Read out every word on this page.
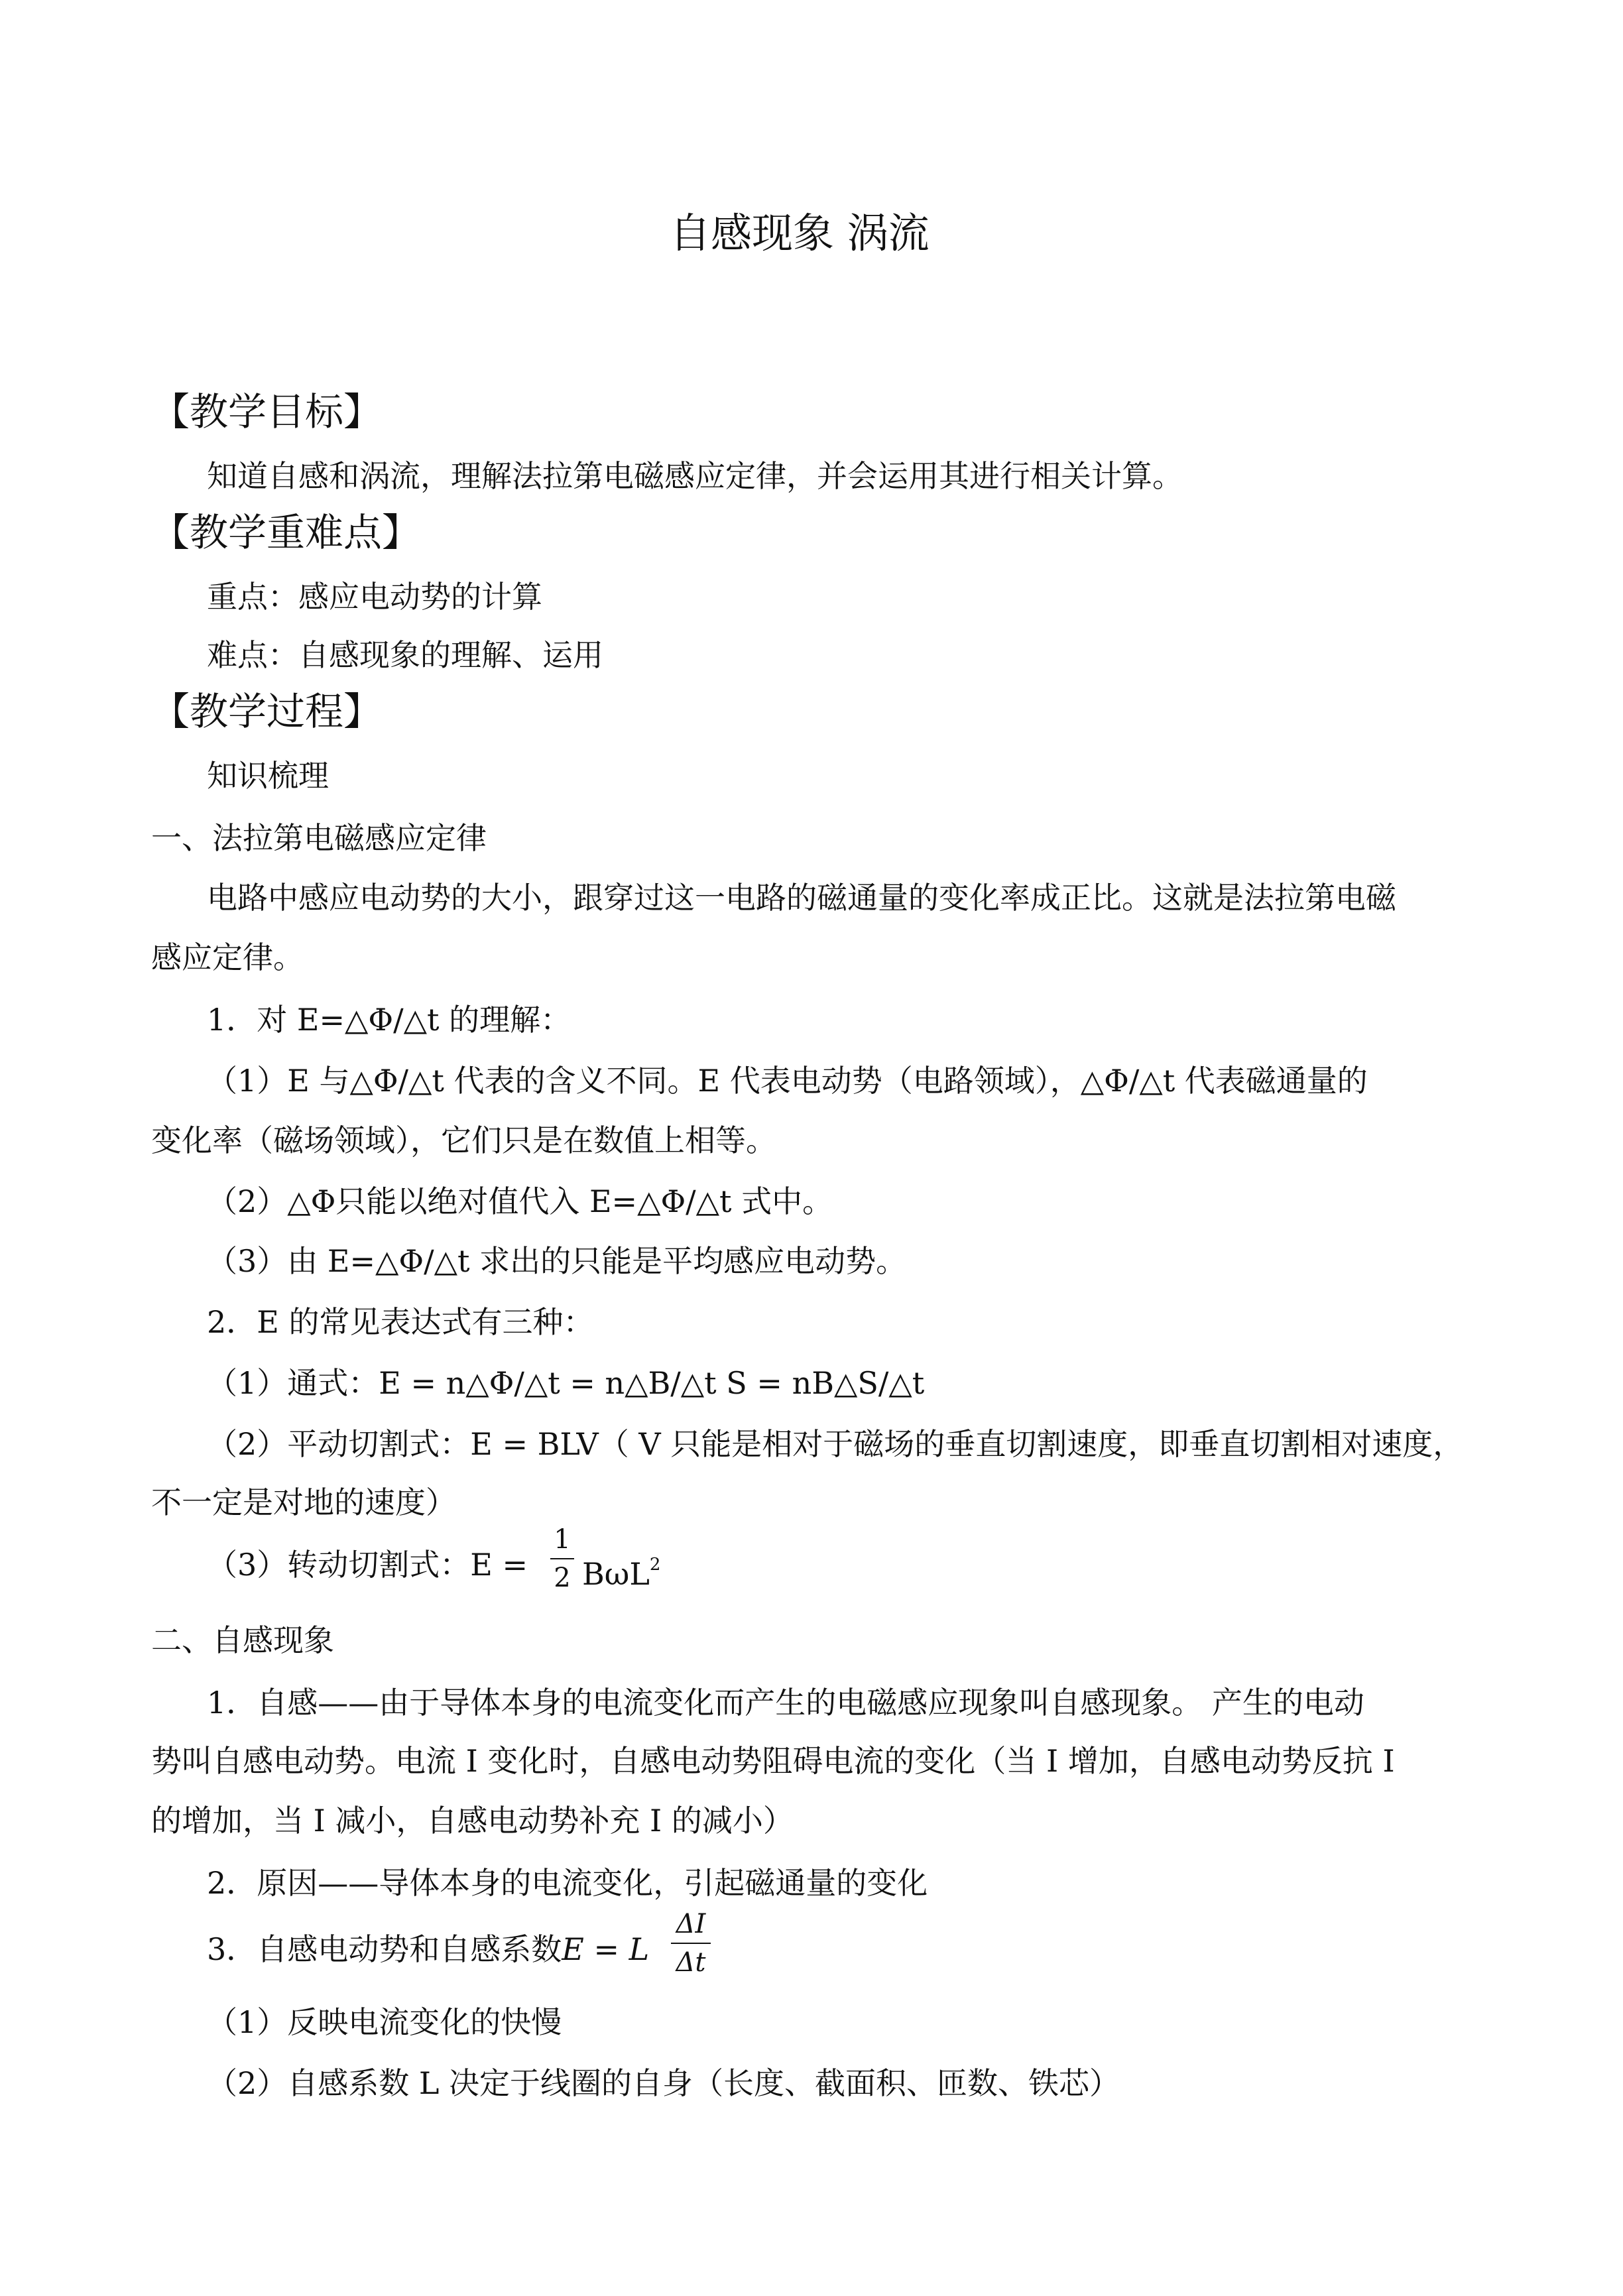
自感现象 涡流
【教学目标】
知道自感和涡流，理解法拉第电磁感应定律，并会运用其进行相关计算。
【教学重难点】
重点：感应电动势的计算
难点：自感现象的理解、运用
【教学过程】
知识梳理
一、法拉第电磁感应定律
电路中感应电动势的大小，跟穿过这一电路的磁通量的变化率成正比。这就是法拉第电磁
感应定律。
1．对 E=△Φ/△t 的理解：
（1）E 与△Φ/△t 代表的含义不同。E 代表电动势（电路领域），△Φ/△t 代表磁通量的
变化率（磁场领域），它们只是在数值上相等。
（2）△Φ只能以绝对值代入 E=△Φ/△t 式中。
（3）由 E=△Φ/△t 求出的只能是平均感应电动势。
2．E 的常见表达式有三种：
（1）通式：E = n△Φ/△t = n△B/△t S = nB△S/△t
（2）平动切割式：E = BLV（ V 只能是相对于磁场的垂直切割速度，即垂直切割相对速度，
不一定是对地的速度）
（3）转动切割式：E =
1
2 BωL$^2$
二、自感现象
1．自感——由于导体本身的电流变化而产生的电磁感应现象叫自感现象。 产生的电动
势叫自感电动势。电流 I 变化时，自感电动势阻碍电流的变化（当 I 增加，自感电动势反抗 I
的增加，当 I 减小，自感电动势补充 I 的减小）
2．原因——导体本身的电流变化，引起磁通量的变化
3．自感电动势和自感系数E = L
ΔI
Δt
（1）反映电流变化的快慢
（2）自感系数 L 决定于线圈的自身（长度、截面积、匝数、铁芯）
